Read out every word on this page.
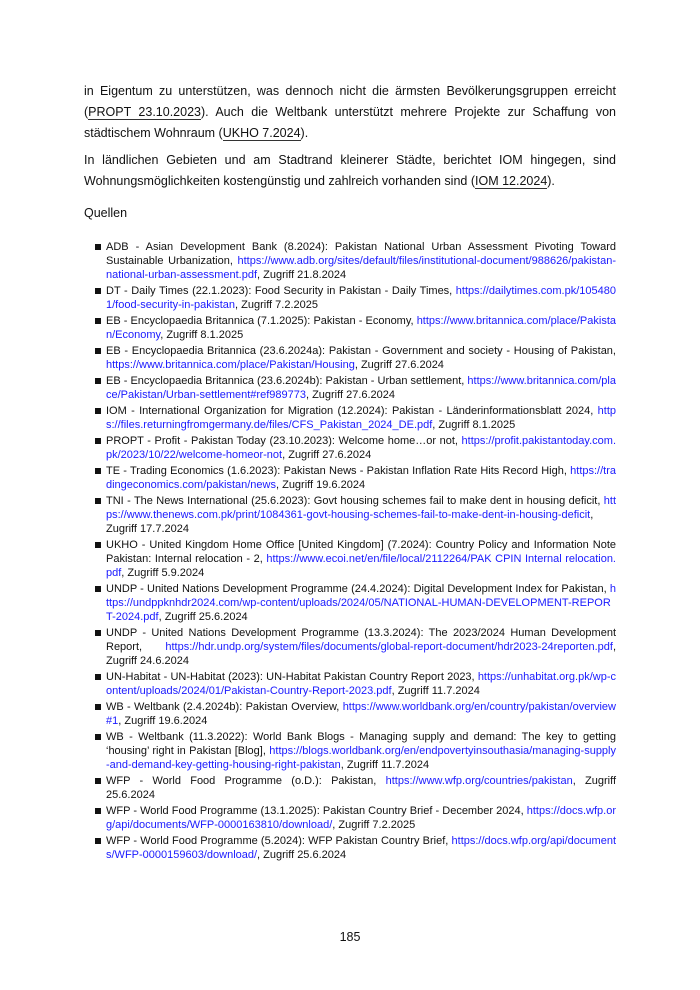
in Eigentum zu unterstützen, was dennoch nicht die ärmsten Bevölkerungsgruppen erreicht (PROPT 23.10.2023). Auch die Weltbank unterstützt mehrere Projekte zur Schaffung von städtischem Wohnraum (UKHO 7.2024).

In ländlichen Gebieten und am Stadtrand kleinerer Städte, berichtet IOM hingegen, sind Wohnungsmöglichkeiten kostengünstig und zahlreich vorhanden sind (IOM 12.2024).

Quellen

ADB - Asian Development Bank (8.2024): Pakistan National Urban Assessment Pivoting Toward Sustainable Urbanization, https://www.adb.org/sites/default/files/institutional-document/988626/pakistan-national-urban-assessment.pdf, Zugriff 21.8.2024
DT - Daily Times (22.1.2023): Food Security in Pakistan - Daily Times, https://dailytimes.com.pk/1054801/food-security-in-pakistan, Zugriff 7.2.2025
EB - Encyclopaedia Britannica (7.1.2025): Pakistan - Economy, https://www.britannica.com/place/Pakistan/Economy, Zugriff 8.1.2025
EB - Encyclopaedia Britannica (23.6.2024a): Pakistan - Government and society - Housing of Pakistan, https://www.britannica.com/place/Pakistan/Housing, Zugriff 27.6.2024
EB - Encyclopaedia Britannica (23.6.2024b): Pakistan - Urban settlement, https://www.britannica.com/place/Pakistan/Urban-settlement#ref989773, Zugriff 27.6.2024
IOM - International Organization for Migration (12.2024): Pakistan - Länderinformationsblatt 2024, https://files.returningfromgermany.de/files/CFS_Pakistan_2024_DE.pdf, Zugriff 8.1.2025
PROPT - Profit - Pakistan Today (23.10.2023): Welcome home…or not, https://profit.pakistantoday.com.pk/2023/10/22/welcome-homeor-not, Zugriff 27.6.2024
TE - Trading Economics (1.6.2023): Pakistan News - Pakistan Inflation Rate Hits Record High, https://tradingeconomics.com/pakistan/news, Zugriff 19.6.2024
TNI - The News International (25.6.2023): Govt housing schemes fail to make dent in housing deficit, https://www.thenews.com.pk/print/1084361-govt-housing-schemes-fail-to-make-dent-in-housing-deficit, Zugriff 17.7.2024
UKHO - United Kingdom Home Office [United Kingdom] (7.2024): Country Policy and Information Note Pakistan: Internal relocation - 2, https://www.ecoi.net/en/file/local/2112264/PAK CPIN Internal relocation.pdf, Zugriff 5.9.2024
UNDP - United Nations Development Programme (24.4.2024): Digital Development Index for Pakistan, https://undppknhdr2024.com/wp-content/uploads/2024/05/NATIONAL-HUMAN-DEVELOPMENT-REPORT-2024.pdf, Zugriff 25.6.2024
UNDP - United Nations Development Programme (13.3.2024): The 2023/2024 Human Development Report, https://hdr.undp.org/system/files/documents/global-report-document/hdr2023-24reporten.pdf, Zugriff 24.6.2024
UN-Habitat - UN-Habitat (2023): UN-Habitat Pakistan Country Report 2023, https://unhabitat.org.pk/wp-content/uploads/2024/01/Pakistan-Country-Report-2023.pdf, Zugriff 11.7.2024
WB - Weltbank (2.4.2024b): Pakistan Overview, https://www.worldbank.org/en/country/pakistan/overview#1, Zugriff 19.6.2024
WB - Weltbank (11.3.2022): World Bank Blogs - Managing supply and demand: The key to getting ‘housing’ right in Pakistan [Blog], https://blogs.worldbank.org/en/endpovertyinsouthasia/managing-supply-and-demand-key-getting-housing-right-pakistan, Zugriff 11.7.2024
WFP - World Food Programme (o.D.): Pakistan, https://www.wfp.org/countries/pakistan, Zugriff 25.6.2024
WFP - World Food Programme (13.1.2025): Pakistan Country Brief - December 2024, https://docs.wfp.org/api/documents/WFP-0000163810/download/, Zugriff 7.2.2025
WFP - World Food Programme (5.2024): WFP Pakistan Country Brief, https://docs.wfp.org/api/documents/WFP-0000159603/download/, Zugriff 25.6.2024
185
